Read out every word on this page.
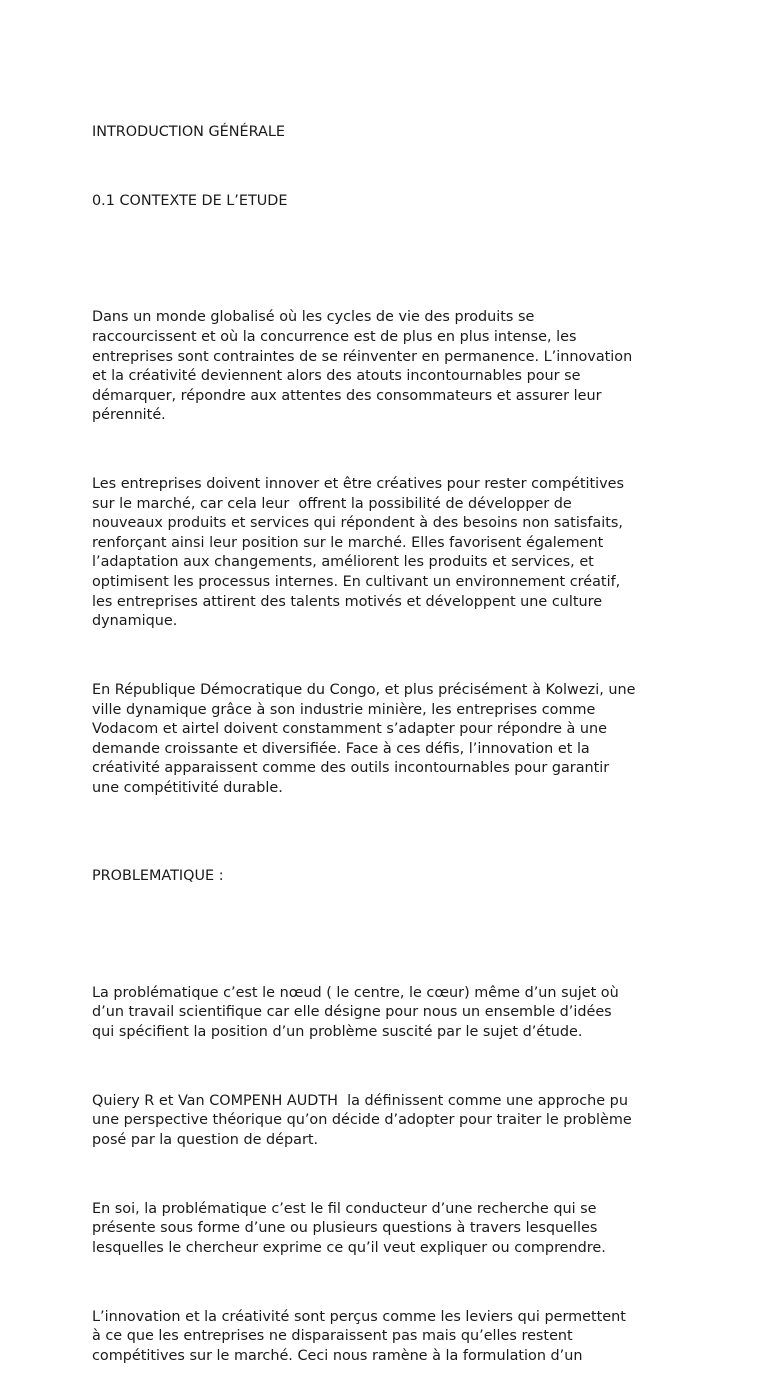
INTRODUCTION GÉNÉRALE

0.1 CONTEXTE DE L’ETUDE

Dans un monde globalisé où les cycles de vie des produits se
raccourcissent et où la concurrence est de plus en plus intense, les
entreprises sont contraintes de se réinventer en permanence. L’innovation
et la créativité deviennent alors des atouts incontournables pour se
démarquer, répondre aux attentes des consommateurs et assurer leur
pérennité.

Les entreprises doivent innover et être créatives pour rester compétitives
sur le marché, car cela leur  offrent la possibilité de développer de
nouveaux produits et services qui répondent à des besoins non satisfaits,
renforçant ainsi leur position sur le marché. Elles favorisent également
l’adaptation aux changements, améliorent les produits et services, et
optimisent les processus internes. En cultivant un environnement créatif,
les entreprises attirent des talents motivés et développent une culture
dynamique.

En République Démocratique du Congo, et plus précisément à Kolwezi, une
ville dynamique grâce à son industrie minière, les entreprises comme
Vodacom et airtel doivent constamment s’adapter pour répondre à une
demande croissante et diversifiée. Face à ces défis, l’innovation et la
créativité apparaissent comme des outils incontournables pour garantir
une compétitivité durable.

PROBLEMATIQUE :

La problématique c’est le nœud ( le centre, le cœur) même d’un sujet où
d’un travail scientifique car elle désigne pour nous un ensemble d’idées
qui spécifient la position d’un problème suscité par le sujet d’étude.

Quiery R et Van COMPENH AUDTH  la définissent comme une approche pu
une perspective théorique qu’on décide d’adopter pour traiter le problème
posé par la question de départ.

En soi, la problématique c’est le fil conducteur d’une recherche qui se
présente sous forme d’une ou plusieurs questions à travers lesquelles
lesquelles le chercheur exprime ce qu’il veut expliquer ou comprendre.

L’innovation et la créativité sont perçus comme les leviers qui permettent
à ce que les entreprises ne disparaissent pas mais qu’elles restent
compétitives sur le marché. Ceci nous ramène à la formulation d’un
